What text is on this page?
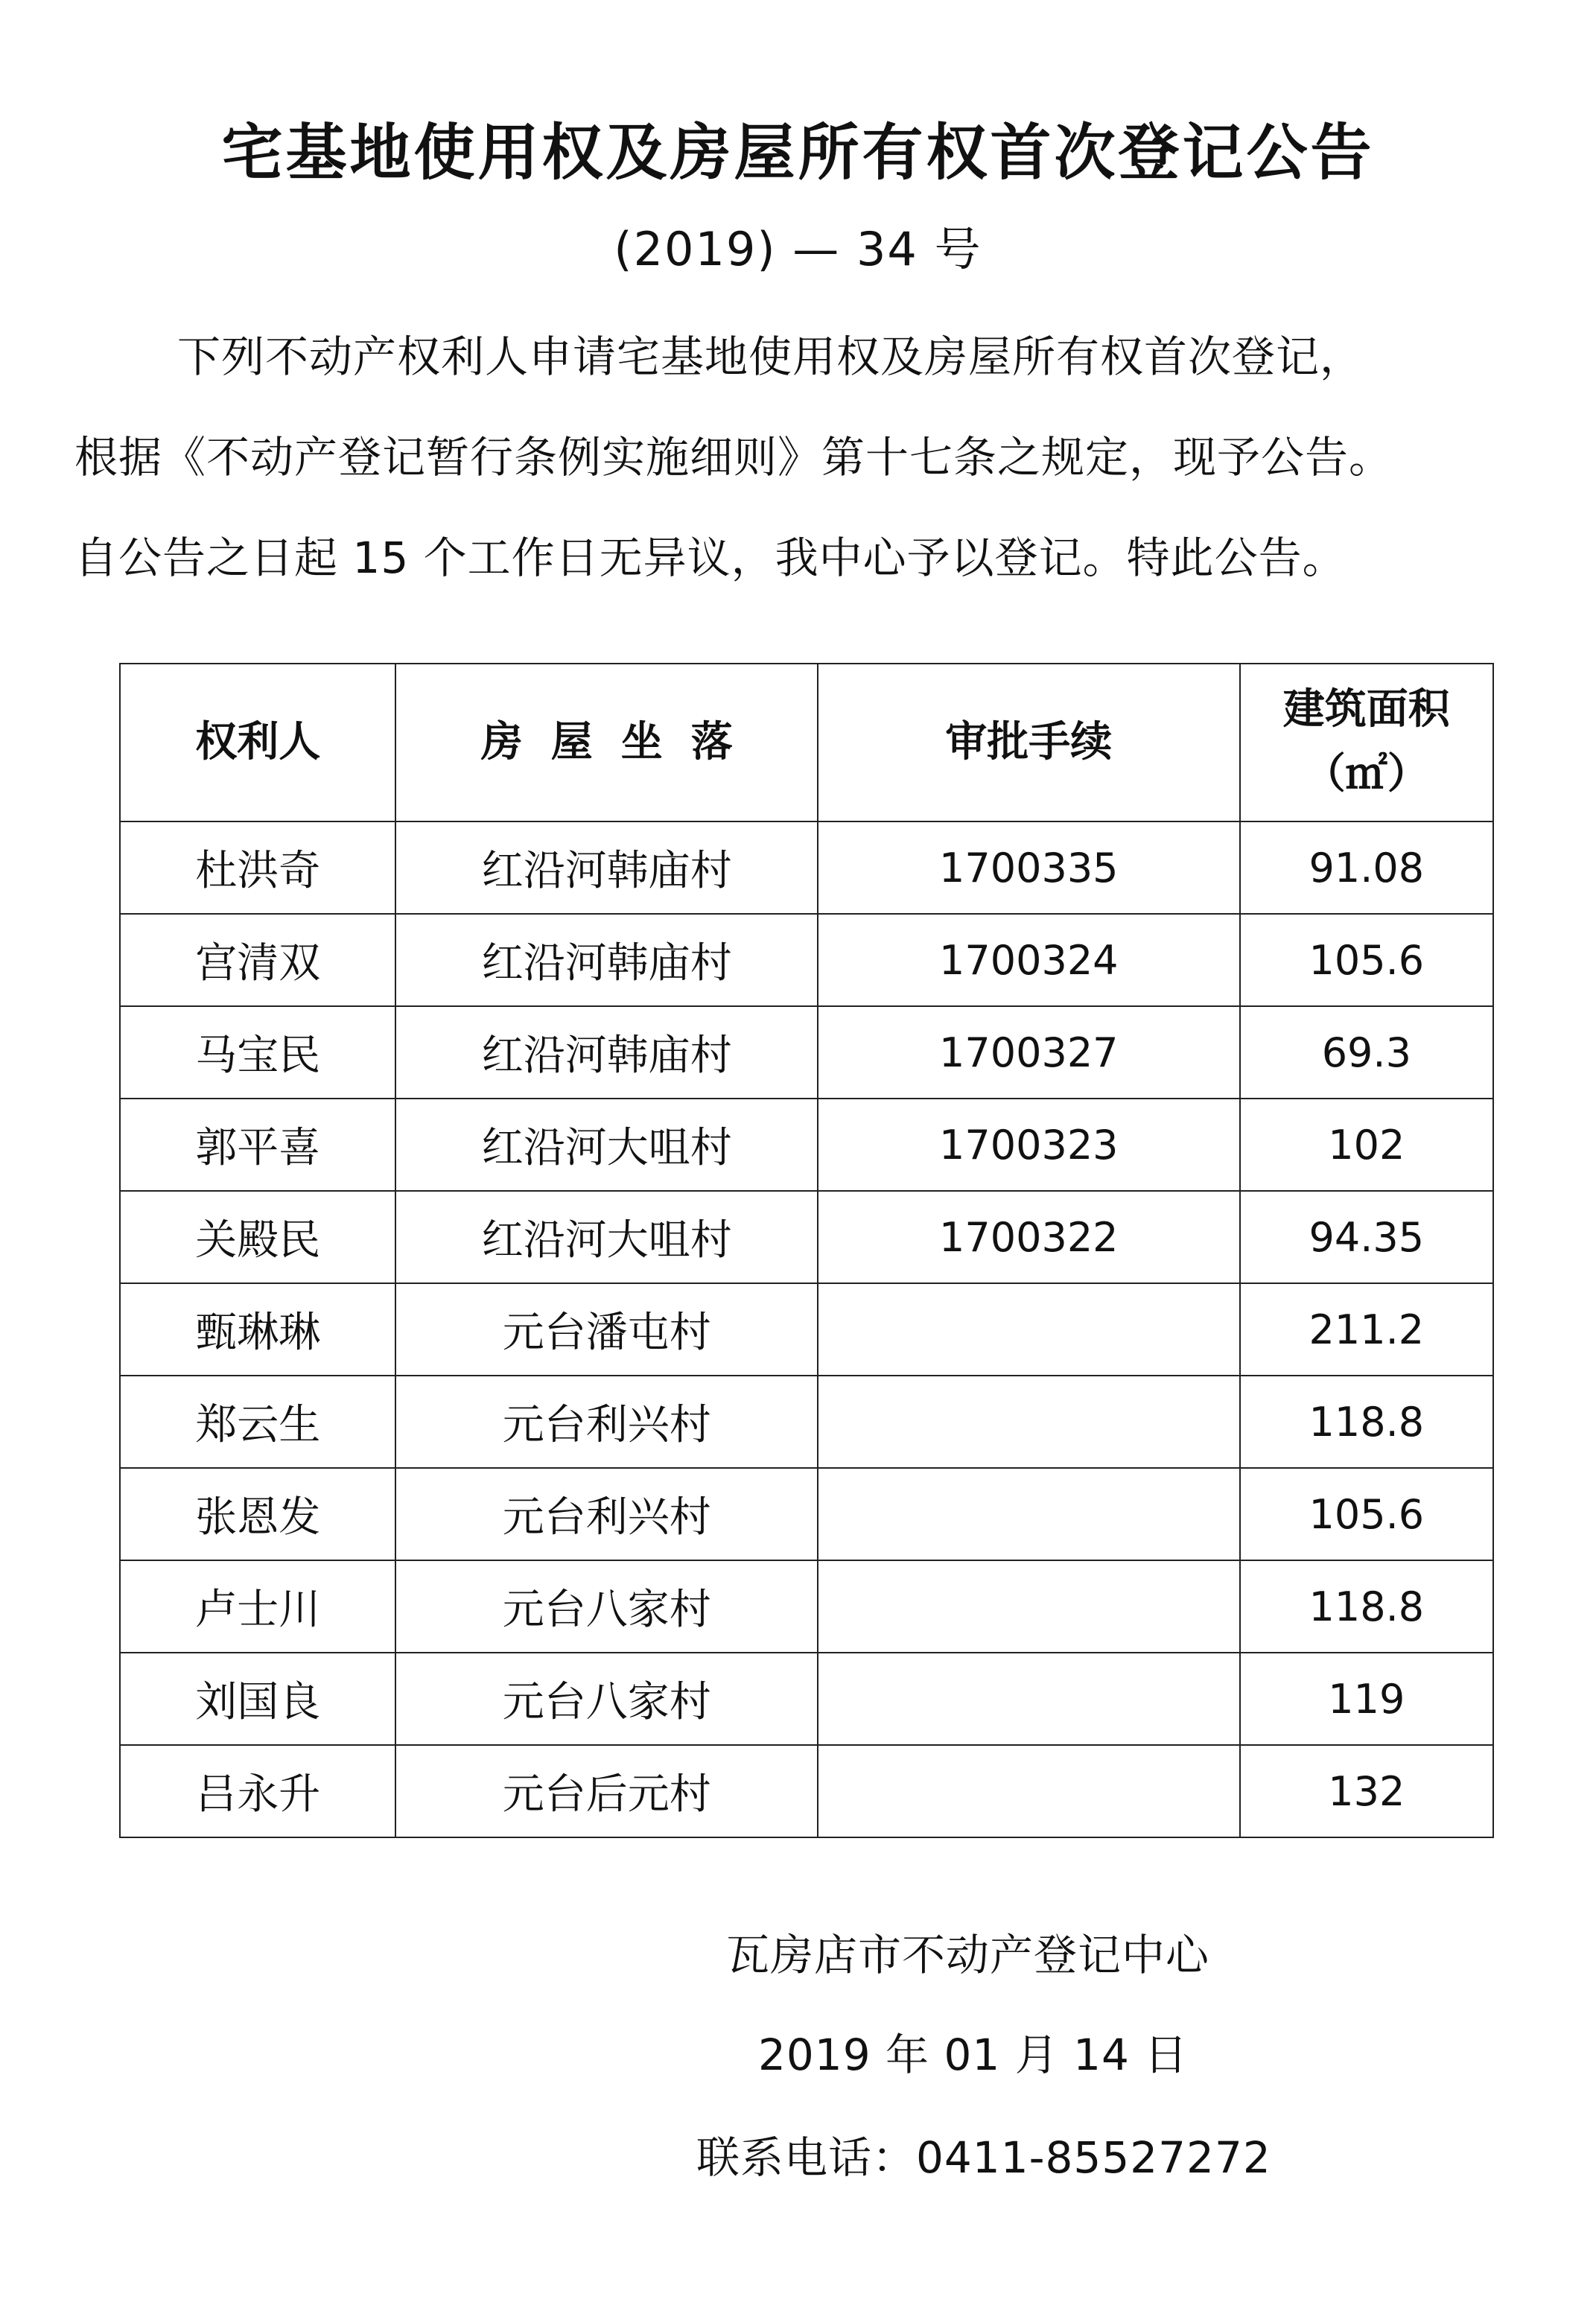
宅基地使用权及房屋所有权首次登记公告
(2019) — 34 号
下列不动产权利人申请宅基地使用权及房屋所有权首次登记，
根据《不动产登记暂行条例实施细则》第十七条之规定，现予公告。
自公告之日起 15 个工作日无异议，我中心予以登记。特此公告。
权利人	房屋坐落	审批手续	建筑面积
（㎡）
杜洪奇	红沿河韩庙村	1700335	91.08
宫清双	红沿河韩庙村	1700324	105.6
马宝民	红沿河韩庙村	1700327	69.3
郭平喜	红沿河大咀村	1700323	102
关殿民	红沿河大咀村	1700322	94.35
甄琳琳	元台潘屯村		211.2
郑云生	元台利兴村		118.8
张恩发	元台利兴村		105.6
卢士川	元台八家村		118.8
刘国良	元台八家村		119
吕永升	元台后元村		132
瓦房店市不动产登记中心
2019 年 01 月 14 日
联系电话：0411-85527272
